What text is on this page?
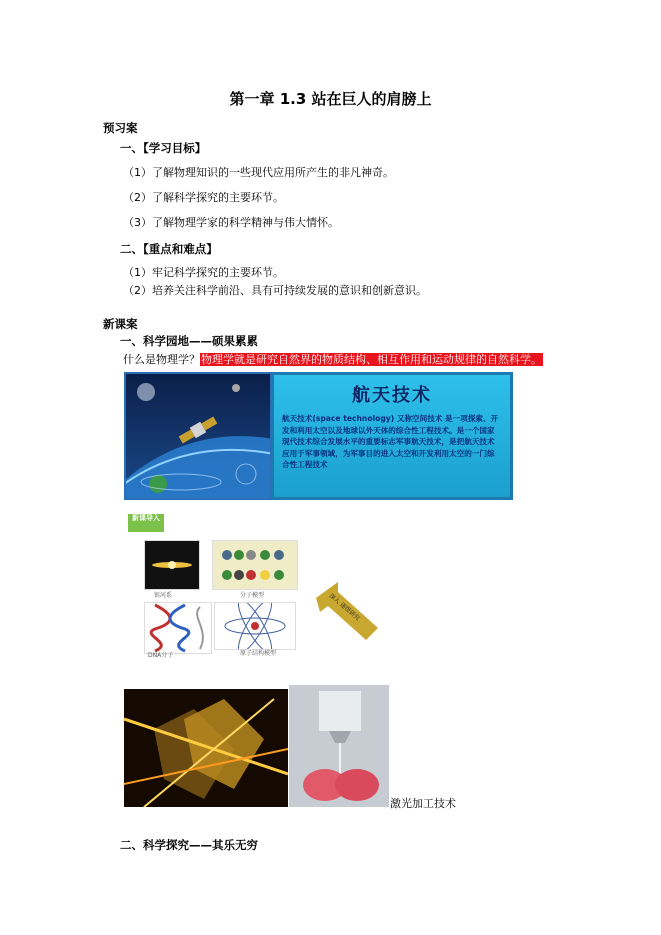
第一章 1.3 站在巨人的肩膀上
预习案
一、【学习目标】
（1）了解物理知识的一些现代应用所产生的非凡神奇。
（2）了解科学探究的主要环节。
（3）了解物理学家的科学精神与伟大情怀。
二、【重点和难点】
（1）牢记科学探究的主要环节。
（2）培养关注科学前沿、具有可持续发展的意识和创新意识。
新课案
一、科学园地——硕果累累
什么是物理学？物理学就是研究自然界的物质结构、相互作用和运动规律的自然科学。
航天技术
航天技术(space technology) 又称空间技术 是一项探索、开发和利用太空以及地球以外天体的综合性工程技术。是一个国家现代技术综合发展水平的重要标志军事航天技术，是把航天技术应用于军事领域，为军事目的进入太空和开发利用太空的一门综合性工程技术
新课导入
银河系	分子模型
DNA分子	原子结构模型
深入 逐级研究
激光加工技术
二、科学探究——其乐无穷
